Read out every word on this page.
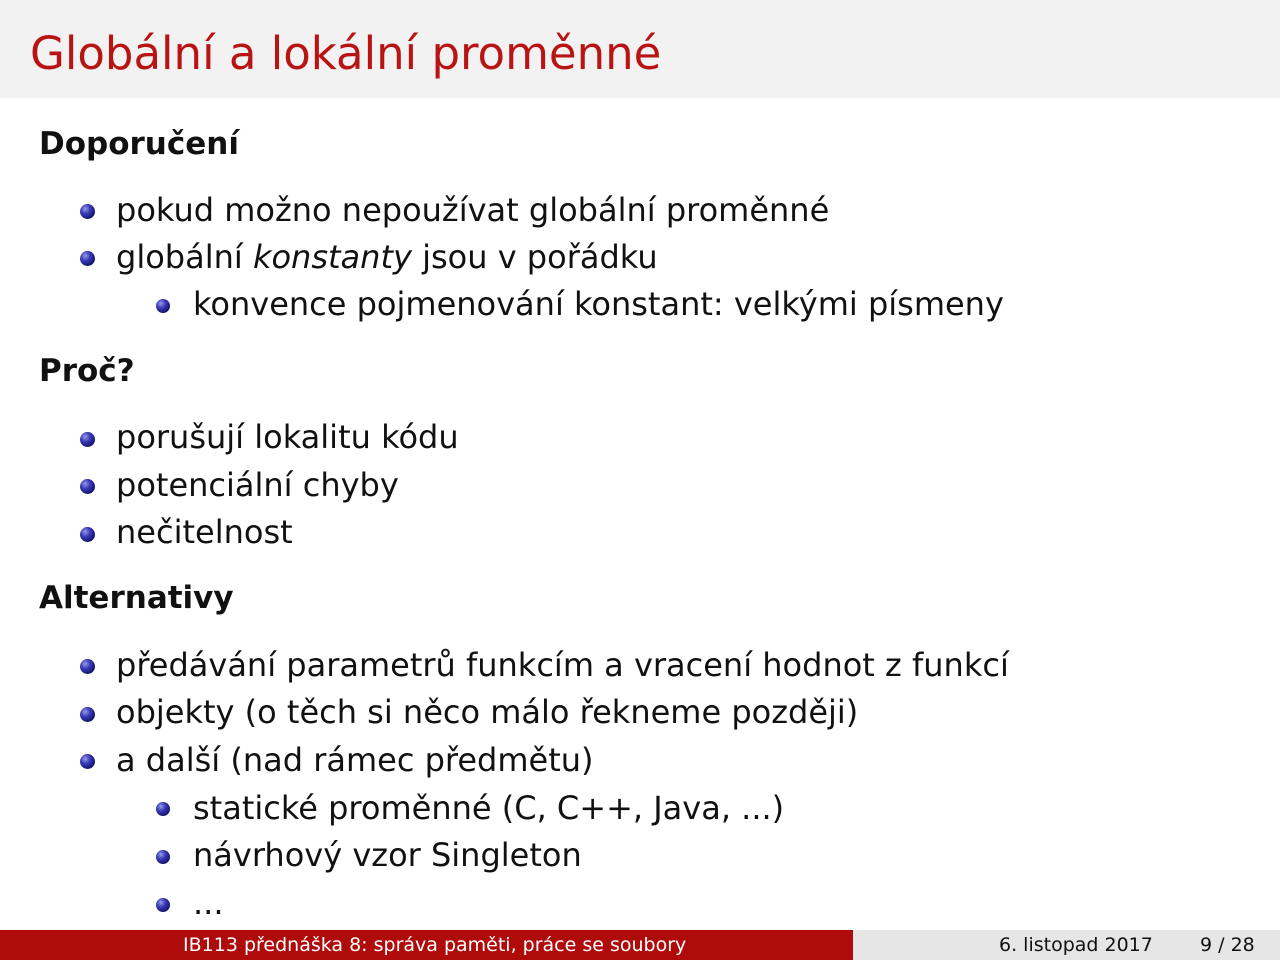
Globální a lokální proměnné
Doporučení
pokud možno nepoužívat globální proměnné
globální konstanty jsou v pořádku
konvence pojmenování konstant: velkými písmeny
Proč?
porušují lokalitu kódu
potenciální chyby
nečitelnost
Alternativy
předávání parametrů funkcím a vracení hodnot z funkcí
objekty (o těch si něco málo řekneme později)
a další (nad rámec předmětu)
statické proměnné (C, C++, Java, ...)
návrhový vzor Singleton
...
IB113 přednáška 8: správa paměti, práce se soubory	6. listopad 2017 9 / 28
